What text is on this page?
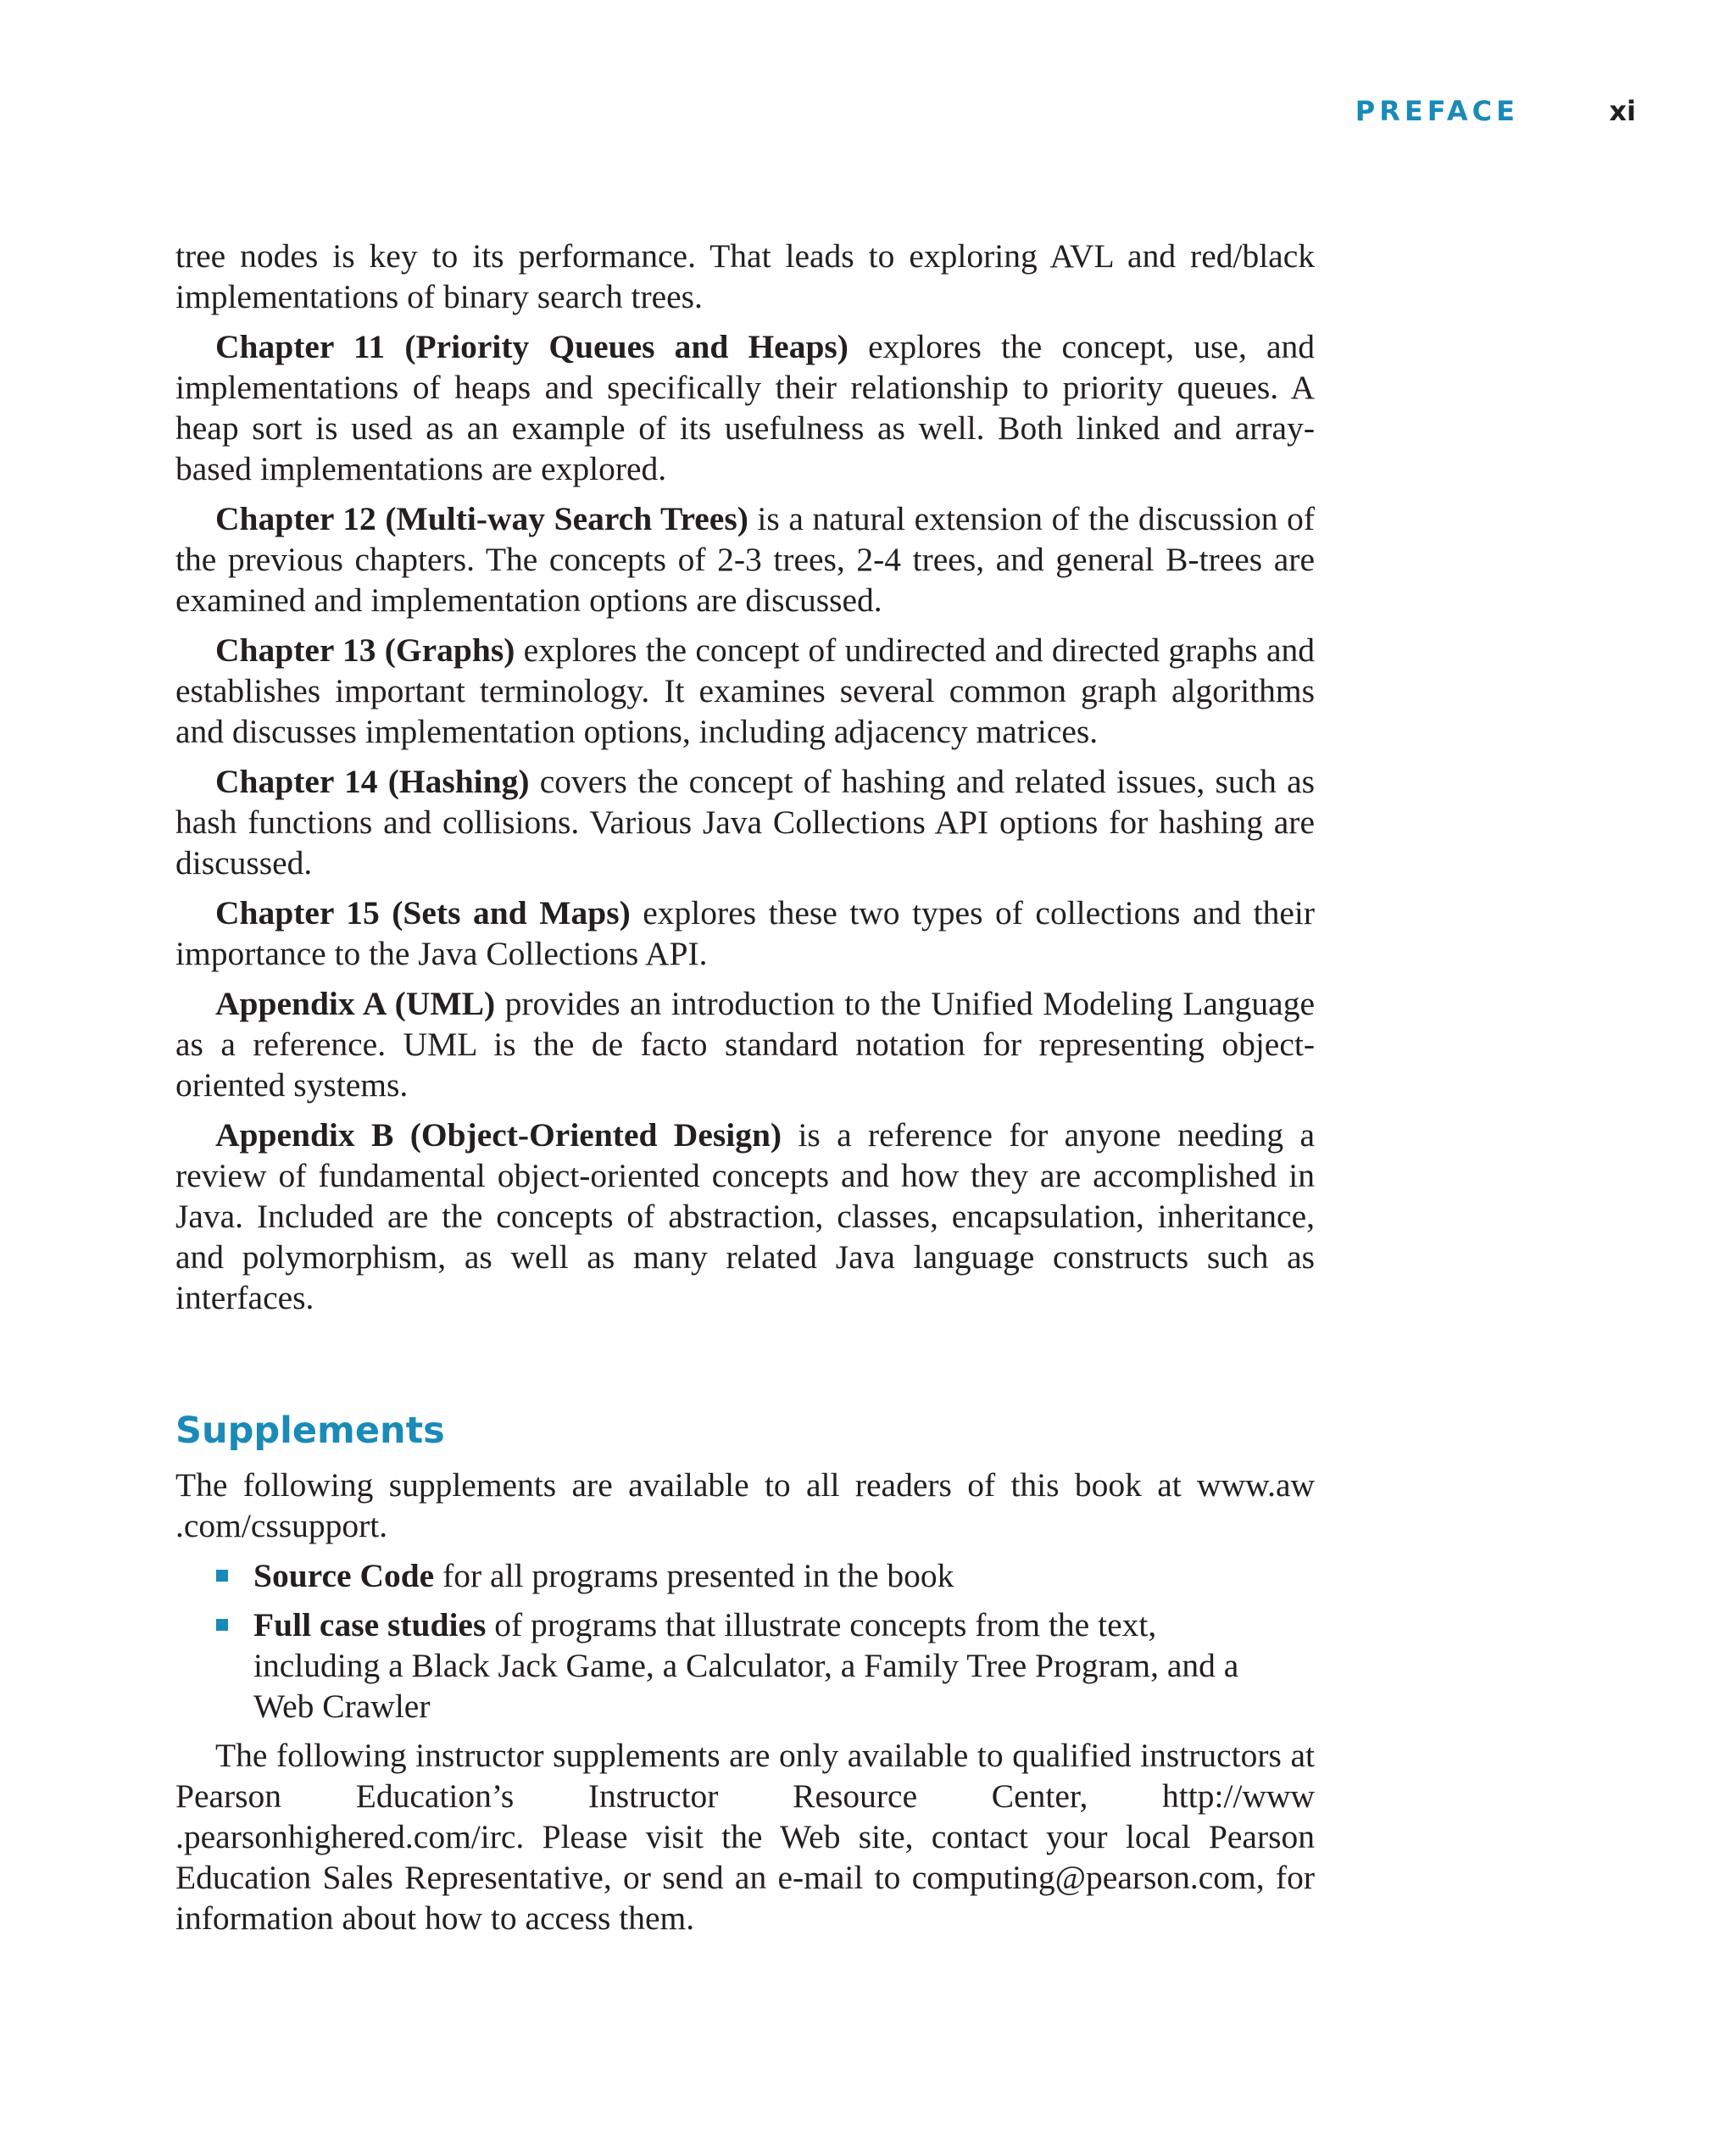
PREFACE	xi

tree nodes is key to its performance. That leads to exploring AVL and red/black implementations of binary search trees.

Chapter 11 (Priority Queues and Heaps) explores the concept, use, and implementations of heaps and specifically their relationship to priority queues. A heap sort is used as an example of its usefulness as well. Both linked and array-based implementations are explored.

Chapter 12 (Multi-way Search Trees) is a natural extension of the discussion of the previous chapters. The concepts of 2-3 trees, 2-4 trees, and general B-trees are examined and implementation options are discussed.

Chapter 13 (Graphs) explores the concept of undirected and directed graphs and establishes important terminology. It examines several common graph algorithms and discusses implementation options, including adjacency matrices.

Chapter 14 (Hashing) covers the concept of hashing and related issues, such as hash functions and collisions. Various Java Collections API options for hashing are discussed.

Chapter 15 (Sets and Maps) explores these two types of collections and their importance to the Java Collections API.

Appendix A (UML) provides an introduction to the Unified Modeling Language as a reference. UML is the de facto standard notation for representing object-oriented systems.

Appendix B (Object-Oriented Design) is a reference for anyone needing a review of fundamental object-oriented concepts and how they are accomplished in Java. Included are the concepts of abstraction, classes, encapsulation, inheritance, and polymorphism, as well as many related Java language constructs such as interfaces.

Supplements

The following supplements are available to all readers of this book at www.aw .com/cssupport.

Source Code for all programs presented in the book
Full case studies of programs that illustrate concepts from the text, including a Black Jack Game, a Calculator, a Family Tree Program, and a Web Crawler

The following instructor supplements are only available to qualified instructors at Pearson Education’s Instructor Resource Center, http://www .pearsonhighered.com/irc. Please visit the Web site, contact your local Pearson Education Sales Representative, or send an e-mail to computing@pearson.com, for information about how to access them.
